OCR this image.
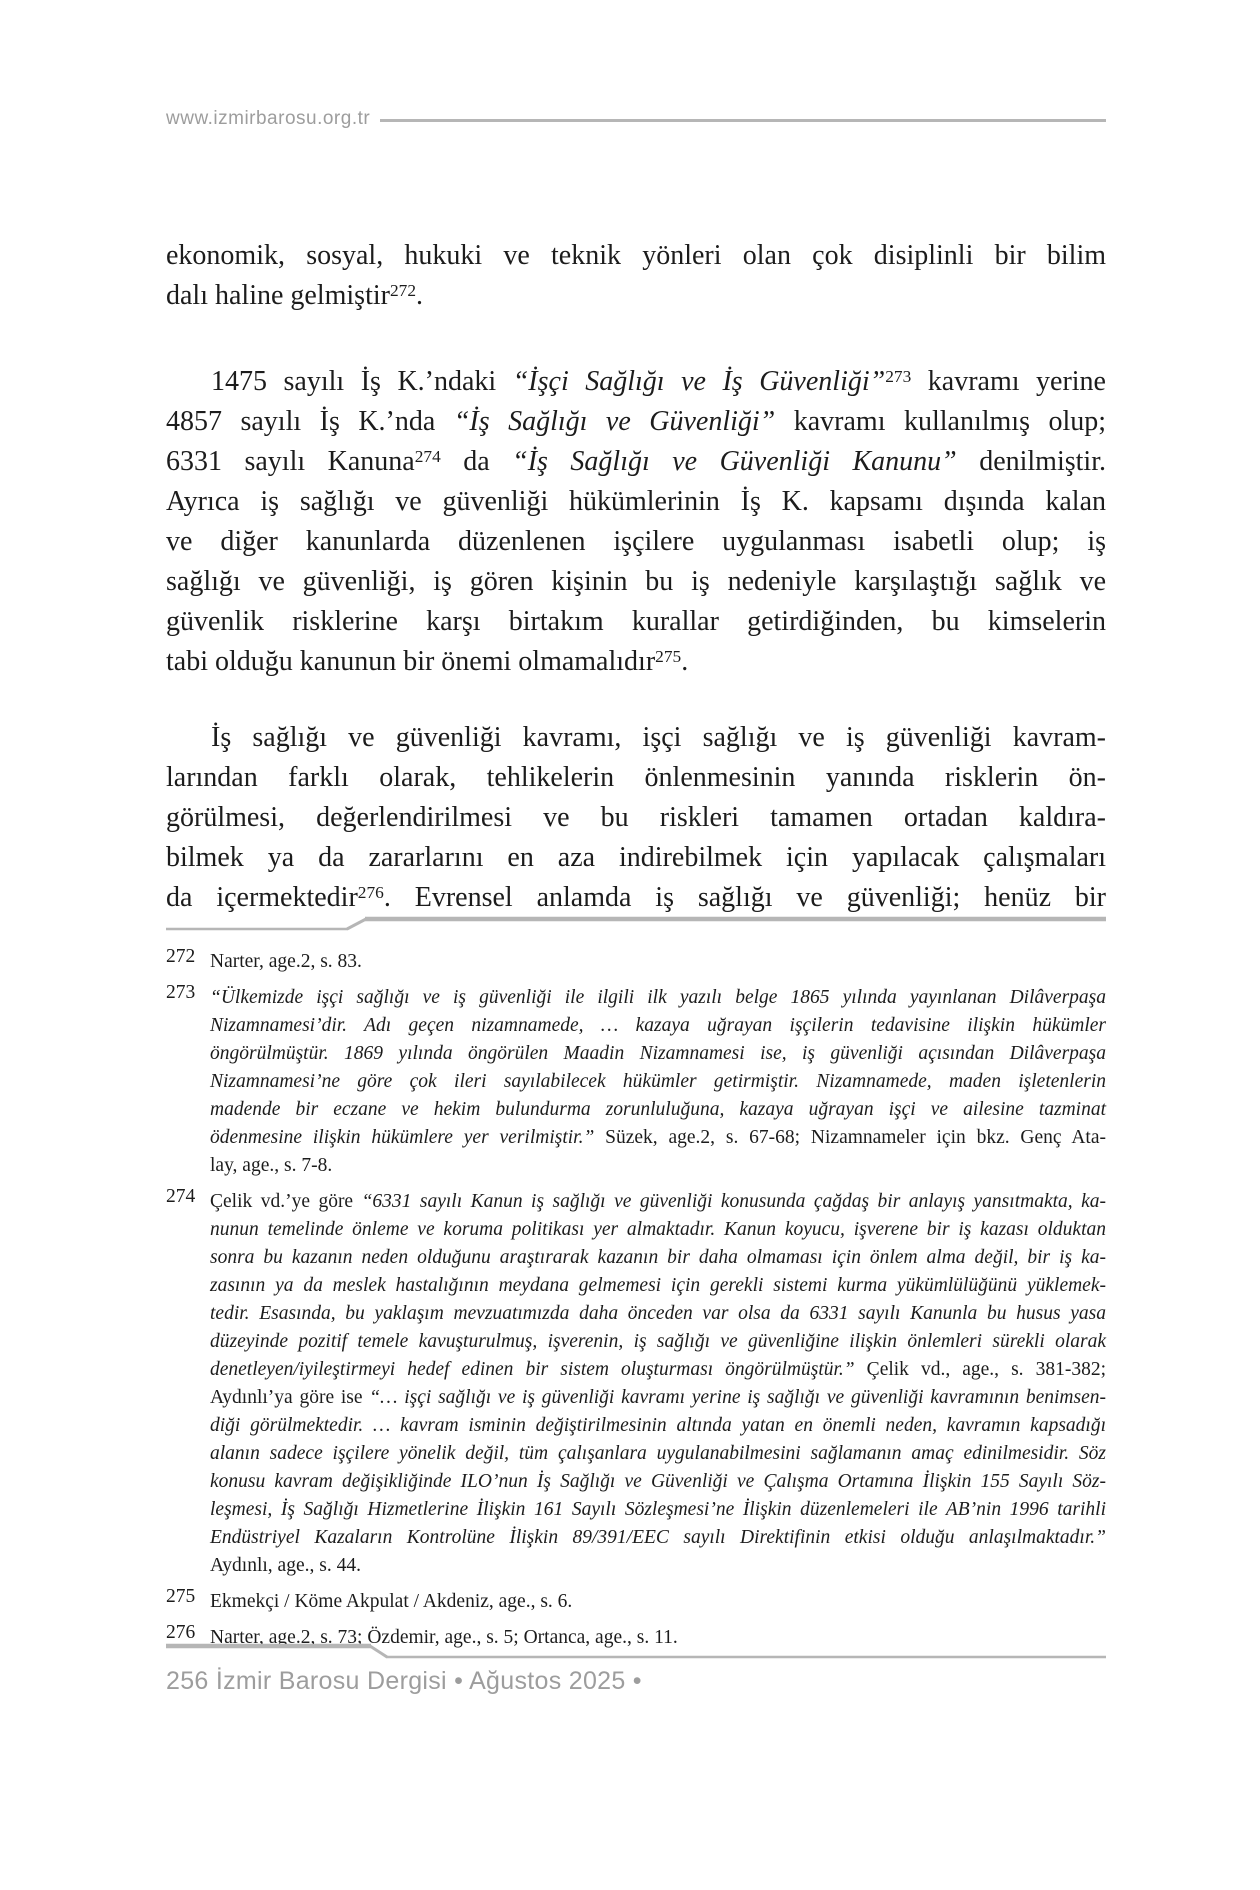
www.izmirbarosu.org.tr
ekonomik, sosyal, hukuki ve teknik yönleri olan çok disiplinli bir bilim
dalı haline gelmiştir$^{272}$.
1475 sayılı İş K.’ndaki “İşçi Sağlığı ve İş Güvenliği”$^{273}$ kavramı yerine
4857 sayılı İş K.’nda “İş Sağlığı ve Güvenliği” kavramı kullanılmış olup;
6331 sayılı Kanuna$^{274}$ da “İş Sağlığı ve Güvenliği Kanunu” denilmiştir.
Ayrıca iş sağlığı ve güvenliği hükümlerinin İş K. kapsamı dışında kalan
ve diğer kanunlarda düzenlenen işçilere uygulanması isabetli olup; iş
sağlığı ve güvenliği, iş gören kişinin bu iş nedeniyle karşılaştığı sağlık ve
güvenlik risklerine karşı birtakım kurallar getirdiğinden, bu kimselerin
tabi olduğu kanunun bir önemi olmamalıdır$^{275}$.
İş sağlığı ve güvenliği kavramı, işçi sağlığı ve iş güvenliği kavram-
larından farklı olarak, tehlikelerin önlenmesinin yanında risklerin ön-
görülmesi, değerlendirilmesi ve bu riskleri tamamen ortadan kaldıra-
bilmek ya da zararlarını en aza indirebilmek için yapılacak çalışmaları
da içermektedir$^{276}$. Evrensel anlamda iş sağlığı ve güvenliği; henüz bir
272 Narter, age.2, s. 83.
273 “Ülkemizde işçi sağlığı ve iş güvenliği ile ilgili ilk yazılı belge 1865 yılında yayınlanan Dilâverpaşa
Nizamnamesi’dir. Adı geçen nizamnamede, … kazaya uğrayan işçilerin tedavisine ilişkin hükümler
öngörülmüştür. 1869 yılında öngörülen Maadin Nizamnamesi ise, iş güvenliği açısından Dilâverpaşa
Nizamnamesi’ne göre çok ileri sayılabilecek hükümler getirmiştir. Nizamnamede, maden işletenlerin
madende bir eczane ve hekim bulundurma zorunluluğuna, kazaya uğrayan işçi ve ailesine tazminat
ödenmesine ilişkin hükümlere yer verilmiştir.” Süzek, age.2, s. 67-68; Nizamnameler için bkz. Genç Ata-
lay, age., s. 7-8.
274 Çelik vd.’ye göre “6331 sayılı Kanun iş sağlığı ve güvenliği konusunda çağdaş bir anlayış yansıtmakta, ka-
nunun temelinde önleme ve koruma politikası yer almaktadır. Kanun koyucu, işverene bir iş kazası olduktan
sonra bu kazanın neden olduğunu araştırarak kazanın bir daha olmaması için önlem alma değil, bir iş ka-
zasının ya da meslek hastalığının meydana gelmemesi için gerekli sistemi kurma yükümlülüğünü yüklemek-
tedir. Esasında, bu yaklaşım mevzuatımızda daha önceden var olsa da 6331 sayılı Kanunla bu husus yasa
düzeyinde pozitif temele kavuşturulmuş, işverenin, iş sağlığı ve güvenliğine ilişkin önlemleri sürekli olarak
denetleyen/iyileştirmeyi hedef edinen bir sistem oluşturması öngörülmüştür.” Çelik vd., age., s. 381-382;
Aydınlı’ya göre ise “… işçi sağlığı ve iş güvenliği kavramı yerine iş sağlığı ve güvenliği kavramının benimsen-
diği görülmektedir. … kavram isminin değiştirilmesinin altında yatan en önemli neden, kavramın kapsadığı
alanın sadece işçilere yönelik değil, tüm çalışanlara uygulanabilmesini sağlamanın amaç edinilmesidir. Söz
konusu kavram değişikliğinde ILO’nun İş Sağlığı ve Güvenliği ve Çalışma Ortamına İlişkin 155 Sayılı Söz-
leşmesi, İş Sağlığı Hizmetlerine İlişkin 161 Sayılı Sözleşmesi’ne İlişkin düzenlemeleri ile AB’nin 1996 tarihli
Endüstriyel Kazaların Kontrolüne İlişkin 89/391/EEC sayılı Direktifinin etkisi olduğu anlaşılmaktadır.”
Aydınlı, age., s. 44.
275 Ekmekçi / Köme Akpulat / Akdeniz, age., s. 6.
276 Narter, age.2, s. 73; Özdemir, age., s. 5; Ortanca, age., s. 11.
256 İzmir Barosu Dergisi • Ağustos 2025 •
